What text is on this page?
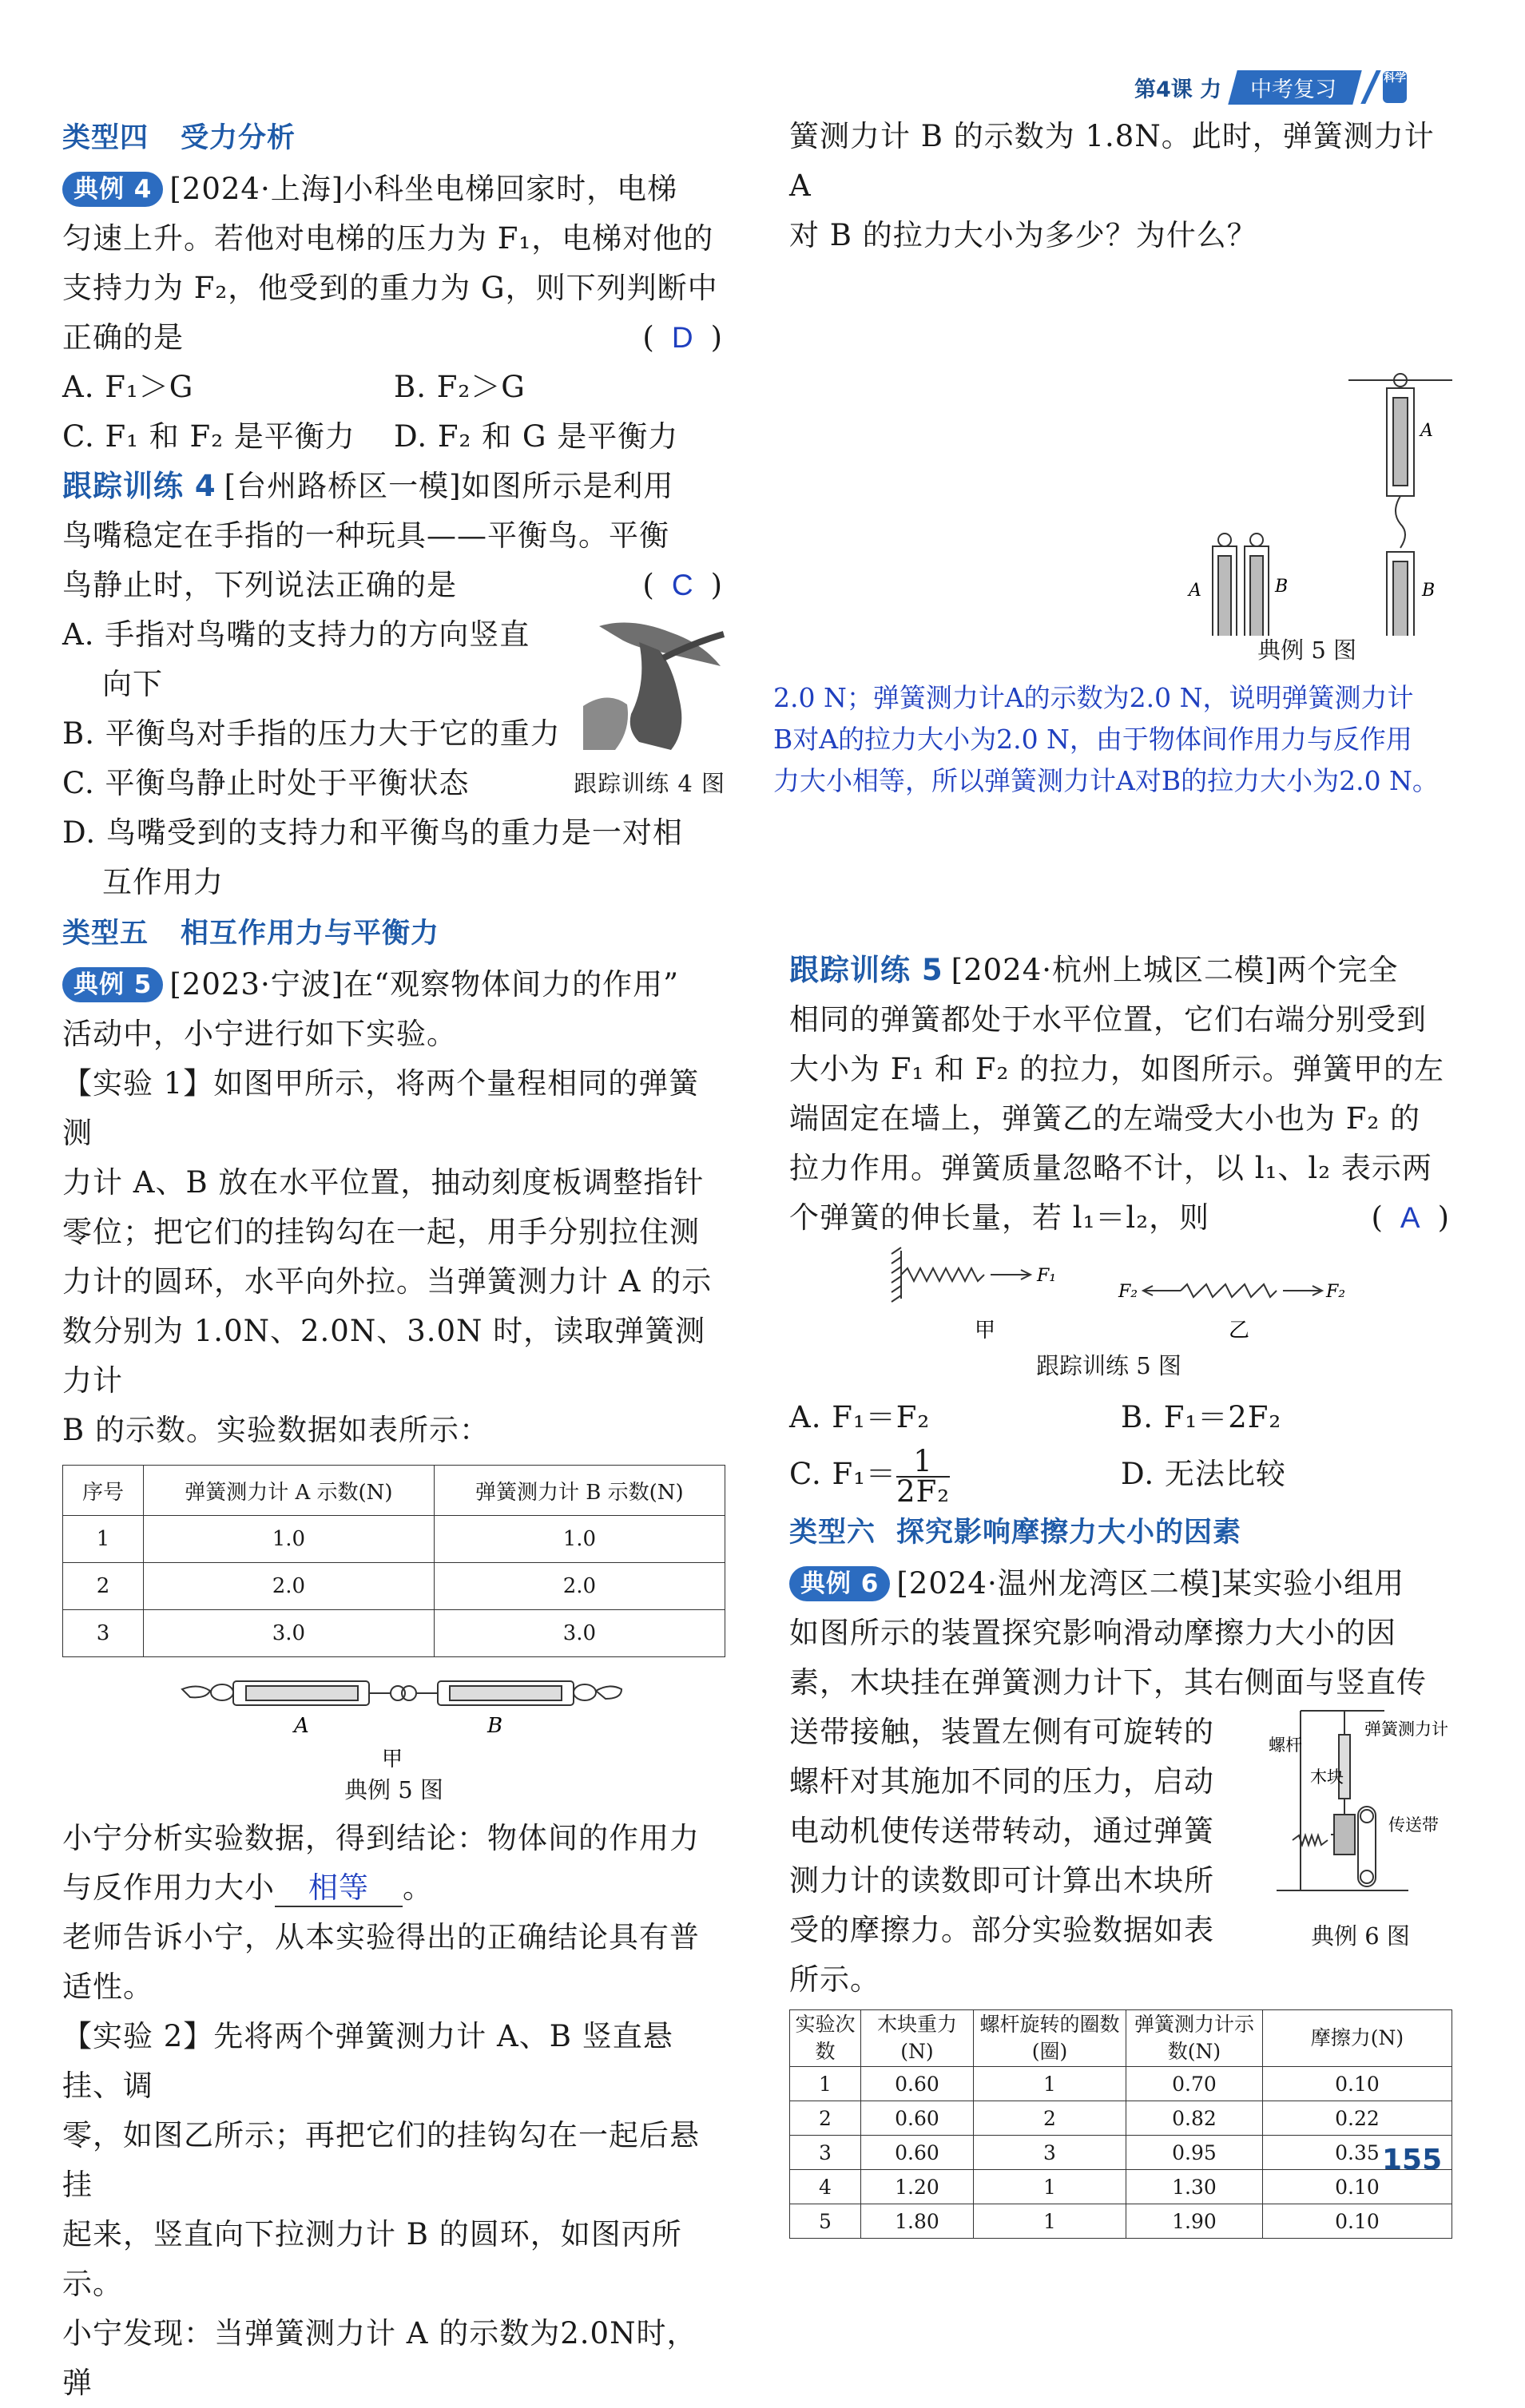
第4课 力	中考复习	科学
类型四 受力分析

典例 4 [2024·上海]小科坐电梯回家时，电梯

匀速上升。若他对电梯的压力为 F₁，电梯对他的

支持力为 F₂，他受到的重力为 G，则下列判断中

正确的是	( D )

A. F₁＞G	B. F₂＞G

C. F₁ 和 F₂ 是平衡力	D. F₂ 和 G 是平衡力

跟踪训练 4 [台州路桥区一模]如图所示是利用

鸟嘴稳定在手指的一种玩具——平衡鸟。平衡

鸟静止时，下列说法正确的是	( C )

A. 手指对鸟嘴的支持力的方向竖直

向下

B. 平衡鸟对手指的压力大于它的重力

C. 平衡鸟静止时处于平衡状态	跟踪训练 4 图

D. 鸟嘴受到的支持力和平衡鸟的重力是一对相

互作用力

类型五 相互作用力与平衡力

典例 5 [2023·宁波]在“观察物体间力的作用”

活动中，小宁进行如下实验。

【实验 1】如图甲所示，将两个量程相同的弹簧测

力计 A、B 放在水平位置，抽动刻度板调整指针

零位；把它们的挂钩勾在一起，用手分别拉住测

力计的圆环，水平向外拉。当弹簧测力计 A 的示

数分别为 1.0N、2.0N、3.0N 时，读取弹簧测力计

B 的示数。实验数据如表所示：

序号	弹簧测力计 A 示数(N)	弹簧测力计 B 示数(N)
1	1.0	1.0
2	2.0	2.0
3	3.0	3.0
A	B
甲
典例 5 图

小宁分析实验数据，得到结论：物体间的作用力

与反作用力大小 相等 。

老师告诉小宁，从本实验得出的正确结论具有普

适性。

【实验 2】先将两个弹簧测力计 A、B 竖直悬挂、调

零，如图乙所示；再把它们的挂钩勾在一起后悬挂

起来，竖直向下拉测力计 B 的圆环，如图丙所示。

小宁发现：当弹簧测力计 A 的示数为2.0N时，弹

簧测力计 B 的示数为 1.8N。此时，弹簧测力计 A

对 B 的拉力大小为多少？为什么？

A	B
A
B
典例 5 图
2.0 N；弹簧测力计A的示数为2.0 N，说明弹簧测力计
B对A的拉力大小为2.0 N，由于物体间作用力与反作用
力大小相等，所以弹簧测力计A对B的拉力大小为2.0 N。

跟踪训练 5 [2024·杭州上城区二模]两个完全

相同的弹簧都处于水平位置，它们右端分别受到

大小为 F₁ 和 F₂ 的拉力，如图所示。弹簧甲的左

端固定在墙上，弹簧乙的左端受大小也为 F₂ 的

拉力作用。弹簧质量忽略不计，以 l₁、l₂ 表示两

个弹簧的伸长量，若 l₁＝l₂，则	( A )

F₁
F₂	F₂
甲	乙
跟踪训练 5 图

A. F₁＝F₂	B. F₁＝2F₂

C. $F_1= \frac{1}{\text{2F₂}}$	D. 无法比较

类型六 探究影响摩擦力大小的因素

典例 6 [2024·温州龙湾区二模]某实验小组用

如图所示的装置探究影响滑动摩擦力大小的因

素，木块挂在弹簧测力计下，其右侧面与竖直传

送带接触，装置左侧有可旋转的

螺杆对其施加不同的压力，启动

电动机使传送带转动，通过弹簧

测力计的读数即可计算出木块所

受的摩擦力。部分实验数据如表

弹簧测力计
螺杆
木块
传送带
典例 6 图

所示。

实验次数	木块重力(N)	螺杆旋转的圈数(圈)	弹簧测力计示数(N)	摩擦力(N)
1	0.60	1	0.70	0.10
2	0.60	2	0.82	0.22
3	0.60	3	0.95	0.35
4	1.20	1	1.30	0.10
5	1.80	1	1.90	0.10
155
